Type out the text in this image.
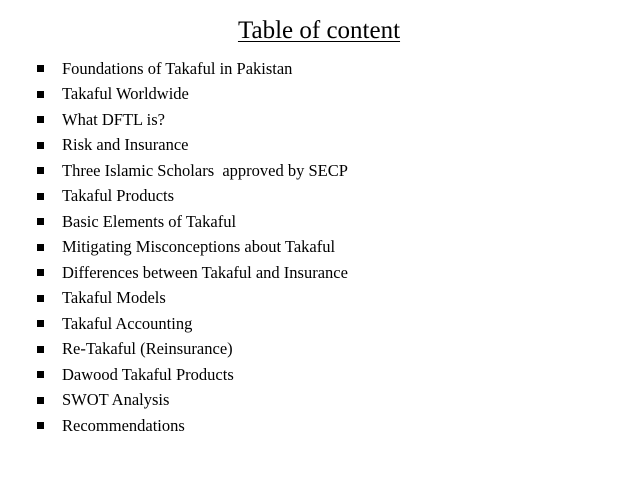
Table of content
Foundations of Takaful in Pakistan
Takaful Worldwide
What DFTL is?
Risk and Insurance
Three Islamic Scholars  approved by SECP
Takaful Products
Basic Elements of Takaful
Mitigating Misconceptions about Takaful
Differences between Takaful and Insurance
Takaful Models
Takaful Accounting
Re-Takaful (Reinsurance)
Dawood Takaful Products
SWOT Analysis
Recommendations
